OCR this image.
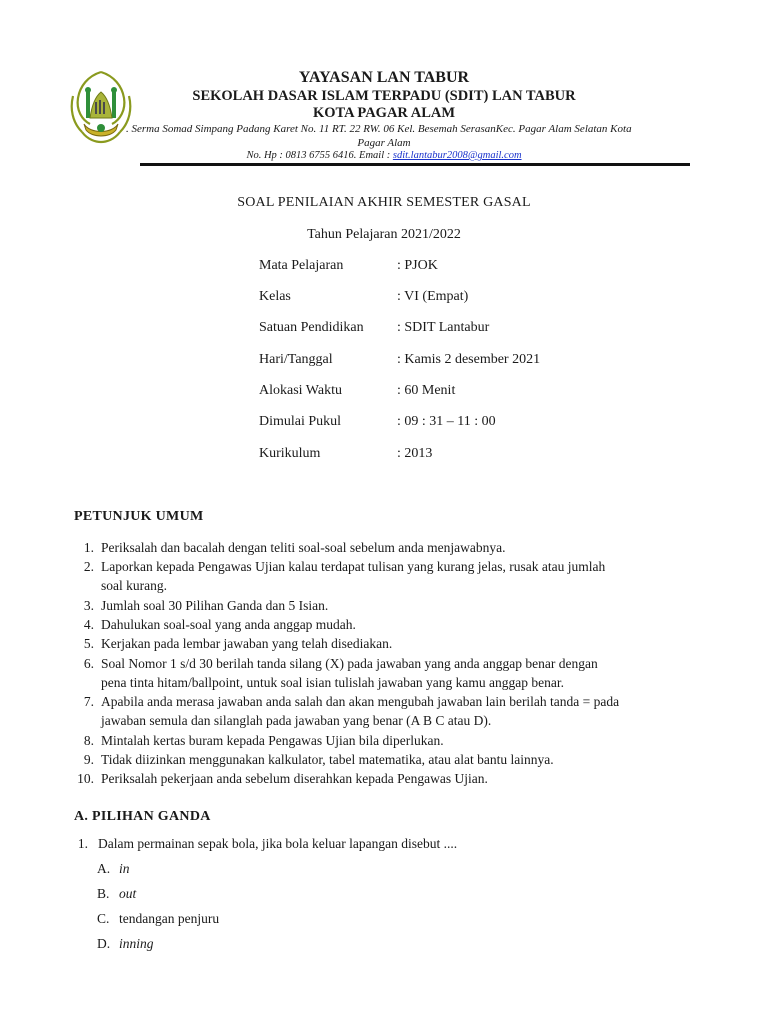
YAYASAN LAN TABUR
SEKOLAH DASAR ISLAM TERPADU (SDIT) LAN TABUR
KOTA PAGAR ALAM
. Serma Somad Simpang Padang Karet No. 11 RT. 22 RW. 06 Kel. Besemah SerasanKec. Pagar Alam Selatan Kota
Pagar Alam
No. Hp : 0813 6755 6416. Email : sdit.lantabur2008@gmail.com
SOAL PENILAIAN AKHIR SEMESTER GASAL
Tahun Pelajaran 2021/2022
Mata Pelajaran	: PJOK
Kelas	: VI (Empat)
Satuan Pendidikan : SDIT Lantabur
Hari/Tanggal	: Kamis 2 desember 2021
Alokasi Waktu	: 60 Menit
Dimulai Pukul	: 09 : 31 – 11 : 00
Kurikulum	: 2013
PETUNJUK UMUM
1. Periksalah dan bacalah dengan teliti soal-soal sebelum anda menjawabnya.
2. Laporkan kepada Pengawas Ujian kalau terdapat tulisan yang kurang jelas, rusak atau jumlah
soal kurang.
3. Jumlah soal 30 Pilihan Ganda dan 5 Isian.
4. Dahulukan soal-soal yang anda anggap mudah.
5. Kerjakan pada lembar jawaban yang telah disediakan.
6. Soal Nomor 1 s/d 30 berilah tanda silang (X) pada jawaban yang anda anggap benar dengan
pena tinta hitam/ballpoint, untuk soal isian tulislah jawaban yang kamu anggap benar.
7. Apabila anda merasa jawaban anda salah dan akan mengubah jawaban lain berilah tanda = pada
jawaban semula dan silanglah pada jawaban yang benar (A B C atau D).
8. Mintalah kertas buram kepada Pengawas Ujian bila diperlukan.
9. Tidak diizinkan menggunakan kalkulator, tabel matematika, atau alat bantu lainnya.
10. Periksalah pekerjaan anda sebelum diserahkan kepada Pengawas Ujian.
A. PILIHAN GANDA
1. Dalam permainan sepak bola, jika bola keluar lapangan disebut ....
A. in
B. out
C. tendangan penjuru
D. inning
